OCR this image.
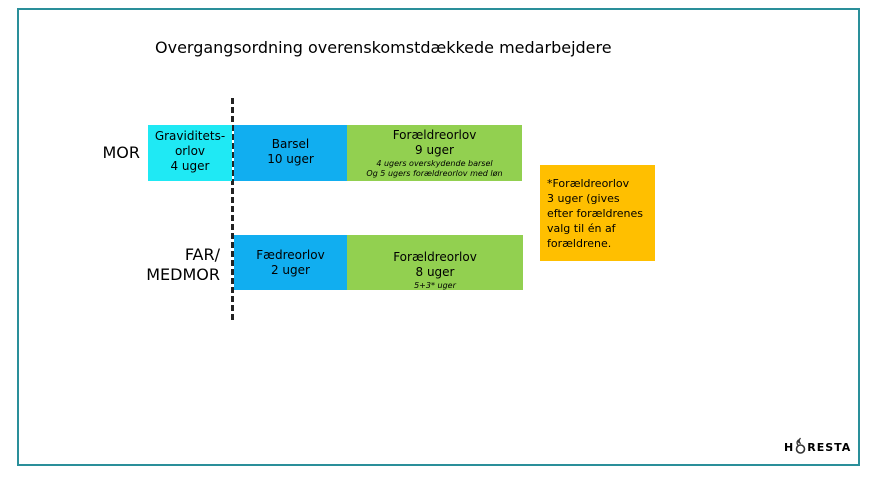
Overgangsordning overenskomstdækkede medarbejdere
MOR
Graviditets-
orlov
4 uger
Barsel
10 uger
Forældreorlov
9 uger
4 ugers overskydende barsel
Og 5 ugers forældreorlov med løn
FAR/
MEDMOR
Fædreorlov
2 uger
Forældreorlov
8 uger
5+3* uger
*Forældreorlov
3 uger (gives
efter forældrenes
valg til én af
forældrene.
H RESTA
